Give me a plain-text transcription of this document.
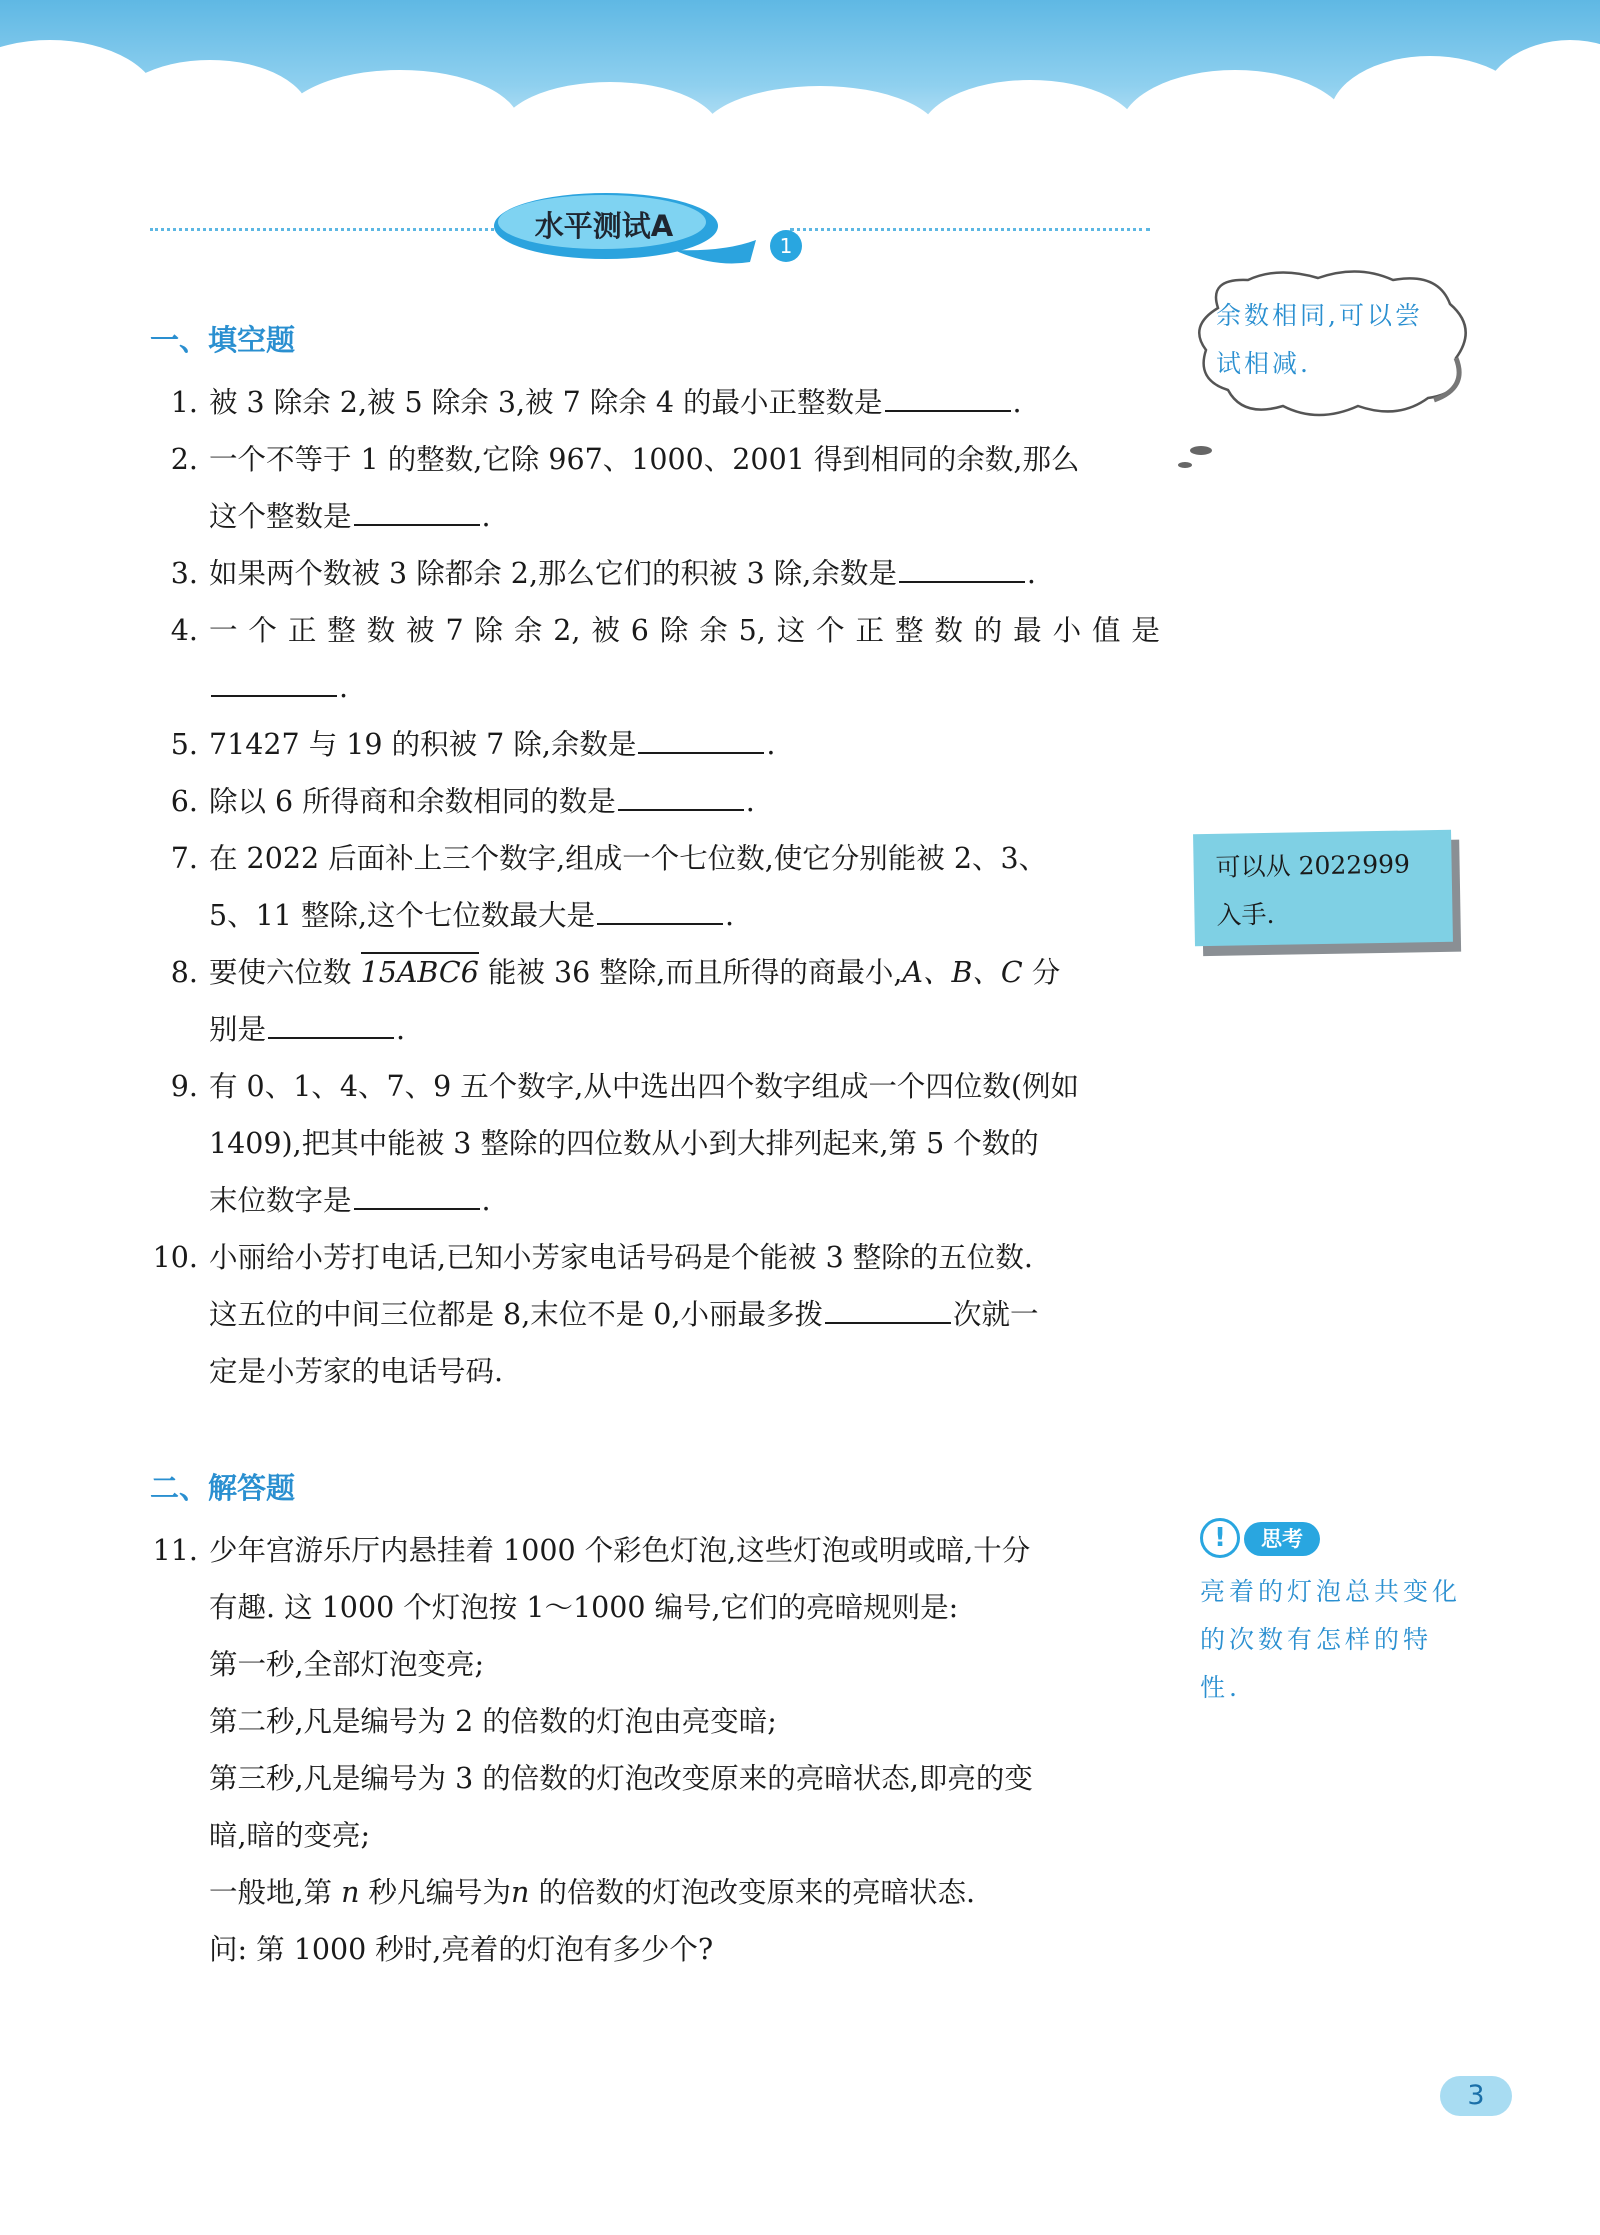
水平测试A
1
一、填空题
1. 被 3 除余 2,被 5 除余 3,被 7 除余 4 的最小正整数是	.
2. 一个不等于 1 的整数,它除 967、1000、2001 得到相同的余数,那么
这个整数是	.
3. 如果两个数被 3 除都余 2,那么它们的积被 3 除,余数是	.
4. 一 个 正 整 数 被 7 除 余 2, 被 6 除 余 5, 这 个 正 整 数 的 最 小 值 是
.
5. 71427 与 19 的积被 7 除,余数是	.
6. 除以 6 所得商和余数相同的数是	.
7. 在 2022 后面补上三个数字,组成一个七位数,使它分别能被 2、3、
5、11 整除,这个七位数最大是	.
8. 要使六位数 15ABC6 能被 36 整除,而且所得的商最小,A、B、C 分
别是	.
9. 有 0、1、4、7、9 五个数字,从中选出四个数字组成一个四位数(例如
1409),把其中能被 3 整除的四位数从小到大排列起来,第 5 个数的
末位数字是	.
10. 小丽给小芳打电话,已知小芳家电话号码是个能被 3 整除的五位数.
这五位的中间三位都是 8,末位不是 0,小丽最多拨	次就一
定是小芳家的电话号码.
二、解答题
11. 少年宫游乐厅内悬挂着 1000 个彩色灯泡,这些灯泡或明或暗,十分
有趣. 这 1000 个灯泡按 1～1000 编号,它们的亮暗规则是:
第一秒,全部灯泡变亮;
第二秒,凡是编号为 2 的倍数的灯泡由亮变暗;
第三秒,凡是编号为 3 的倍数的灯泡改变原来的亮暗状态,即亮的变
暗,暗的变亮;
一般地,第 n 秒凡编号为n 的倍数的灯泡改变原来的亮暗状态.
问: 第 1000 秒时,亮着的灯泡有多少个?
余数相同,可以尝
试相减.
可以从 2022999
入手.
!	思考
亮着的灯泡总共变化
的次数有怎样的特
性.
3
